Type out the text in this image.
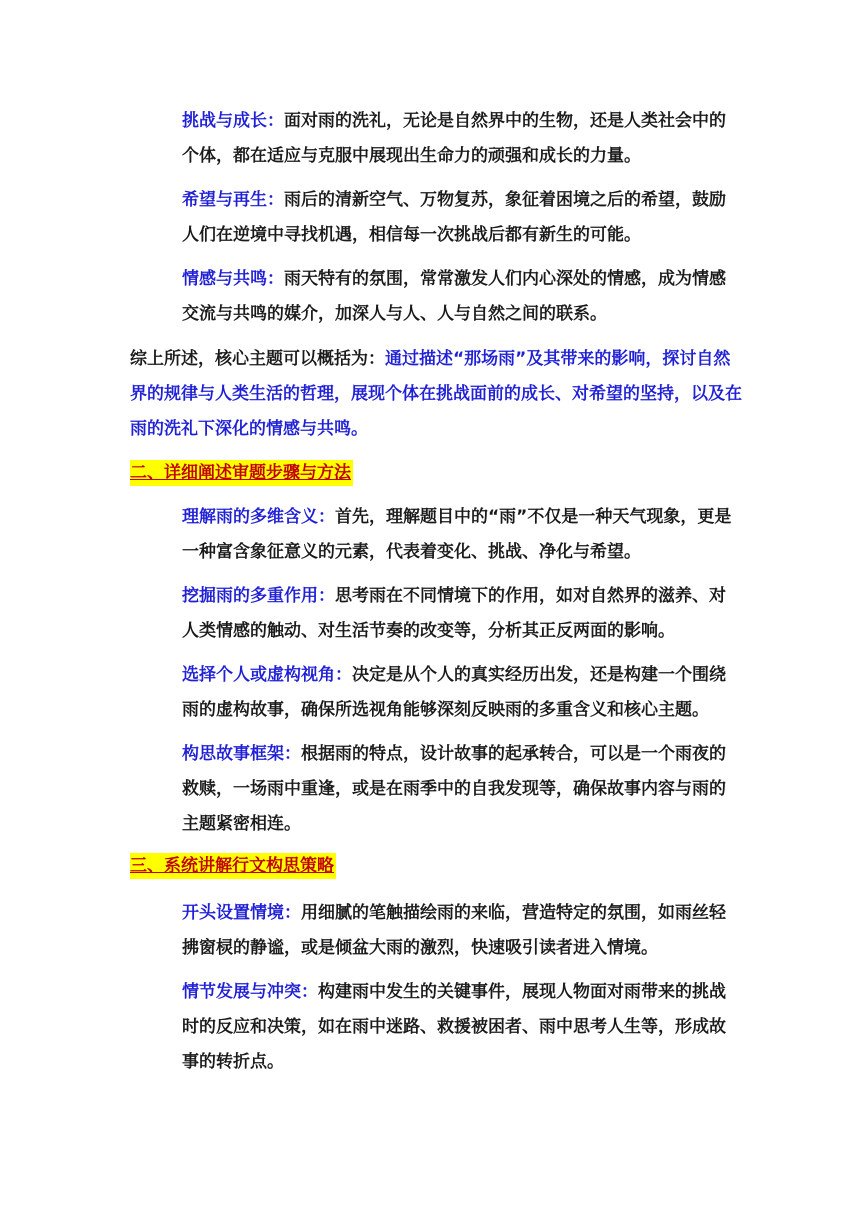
挑战与成长：面对雨的洗礼，无论是自然界中的生物，还是人类社会中的个体，都在适应与克服中展现出生命力的顽强和成长的力量。

希望与再生：雨后的清新空气、万物复苏，象征着困境之后的希望，鼓励人们在逆境中寻找机遇，相信每一次挑战后都有新生的可能。

情感与共鸣：雨天特有的氛围，常常激发人们内心深处的情感，成为情感交流与共鸣的媒介，加深人与人、人与自然之间的联系。

综上所述，核心主题可以概括为：通过描述“那场雨”及其带来的影响，探讨自然界的规律与人类生活的哲理，展现个体在挑战面前的成长、对希望的坚持，以及在雨的洗礼下深化的情感与共鸣。

二、详细阐述审题步骤与方法

理解雨的多维含义：首先，理解题目中的“雨”不仅是一种天气现象，更是一种富含象征意义的元素，代表着变化、挑战、净化与希望。

挖掘雨的多重作用：思考雨在不同情境下的作用，如对自然界的滋养、对人类情感的触动、对生活节奏的改变等，分析其正反两面的影响。

选择个人或虚构视角：决定是从个人的真实经历出发，还是构建一个围绕雨的虚构故事，确保所选视角能够深刻反映雨的多重含义和核心主题。

构思故事框架：根据雨的特点，设计故事的起承转合，可以是一个雨夜的救赎，一场雨中重逢，或是在雨季中的自我发现等，确保故事内容与雨的主题紧密相连。

三、系统讲解行文构思策略

开头设置情境：用细腻的笔触描绘雨的来临，营造特定的氛围，如雨丝轻拂窗棂的静谧，或是倾盆大雨的激烈，快速吸引读者进入情境。

情节发展与冲突：构建雨中发生的关键事件，展现人物面对雨带来的挑战时的反应和决策，如在雨中迷路、救援被困者、雨中思考人生等，形成故事的转折点。
